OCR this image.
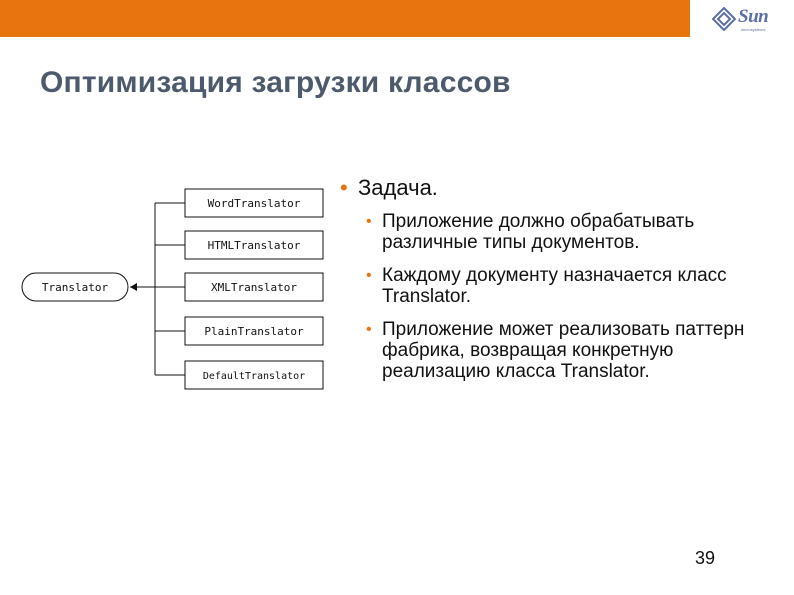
Sun
microsystems
Оптимизация загрузки классов
Translator
WordTranslator
HTMLTranslator
XMLTranslator
PlainTranslator
DefaultTranslator
• Задача.
• Приложение должно обрабатывать различные типы документов.
• Каждому документу назначается класс Translator.
• Приложение может реализовать паттерн фабрика, возвращая конкретную реализацию класса Translator.
39
